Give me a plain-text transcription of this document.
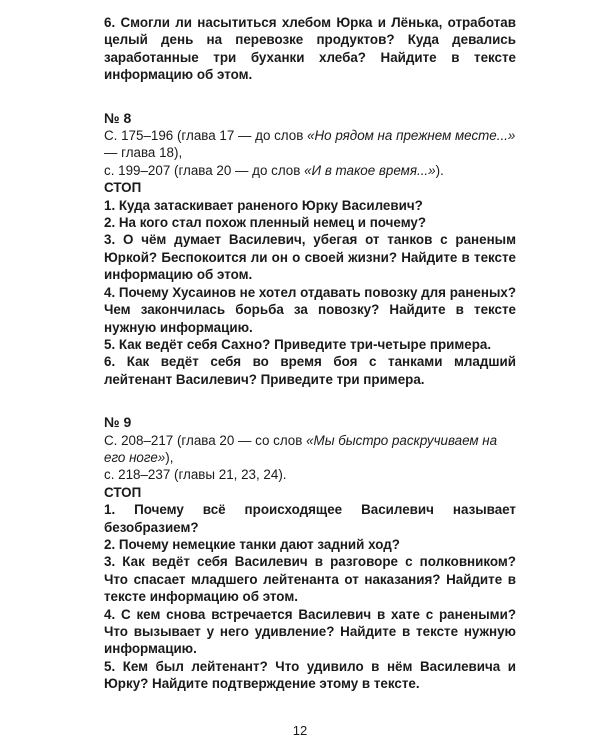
6. Смогли ли насытиться хлебом Юрка и Лёнька, отработав целый день на перевозке продуктов? Куда девались заработанные три буханки хлеба? Найдите в тексте информацию об этом.

№ 8

С. 175–196 (глава 17 — до слов «Но рядом на прежнем месте...» — глава 18),

с. 199–207 (глава 20 — до слов «И в такое время...»).

СТОП

1. Куда затаскивает раненого Юрку Василевич?

2. На кого стал похож пленный немец и почему?

3. О чём думает Василевич, убегая от танков с раненым Юркой? Беспокоится ли он о своей жизни? Найдите в тексте информацию об этом.

4. Почему Хусаинов не хотел отдавать повозку для раненых? Чем закончилась борьба за повозку? Найдите в тексте нужную информацию.

5. Как ведёт себя Сахно? Приведите три-четыре примера.

6. Как ведёт себя во время боя с танками младший лейтенант Василевич? Приведите три примера.

№ 9

С. 208–217 (глава 20 — со слов «Мы быстро раскручиваем на его ноге»),

с. 218–237 (главы 21, 23, 24).

СТОП

1. Почему всё происходящее Василевич называет безобразием?

2. Почему немецкие танки дают задний ход?

3. Как ведёт себя Василевич в разговоре с полковником? Что спасает младшего лейтенанта от наказания? Найдите в тексте информацию об этом.

4. С кем снова встречается Василевич в хате с ранеными? Что вызывает у него удивление? Найдите в тексте нужную информацию.

5. Кем был лейтенант? Что удивило в нём Василевича и Юрку? Найдите подтверждение этому в тексте.

12
